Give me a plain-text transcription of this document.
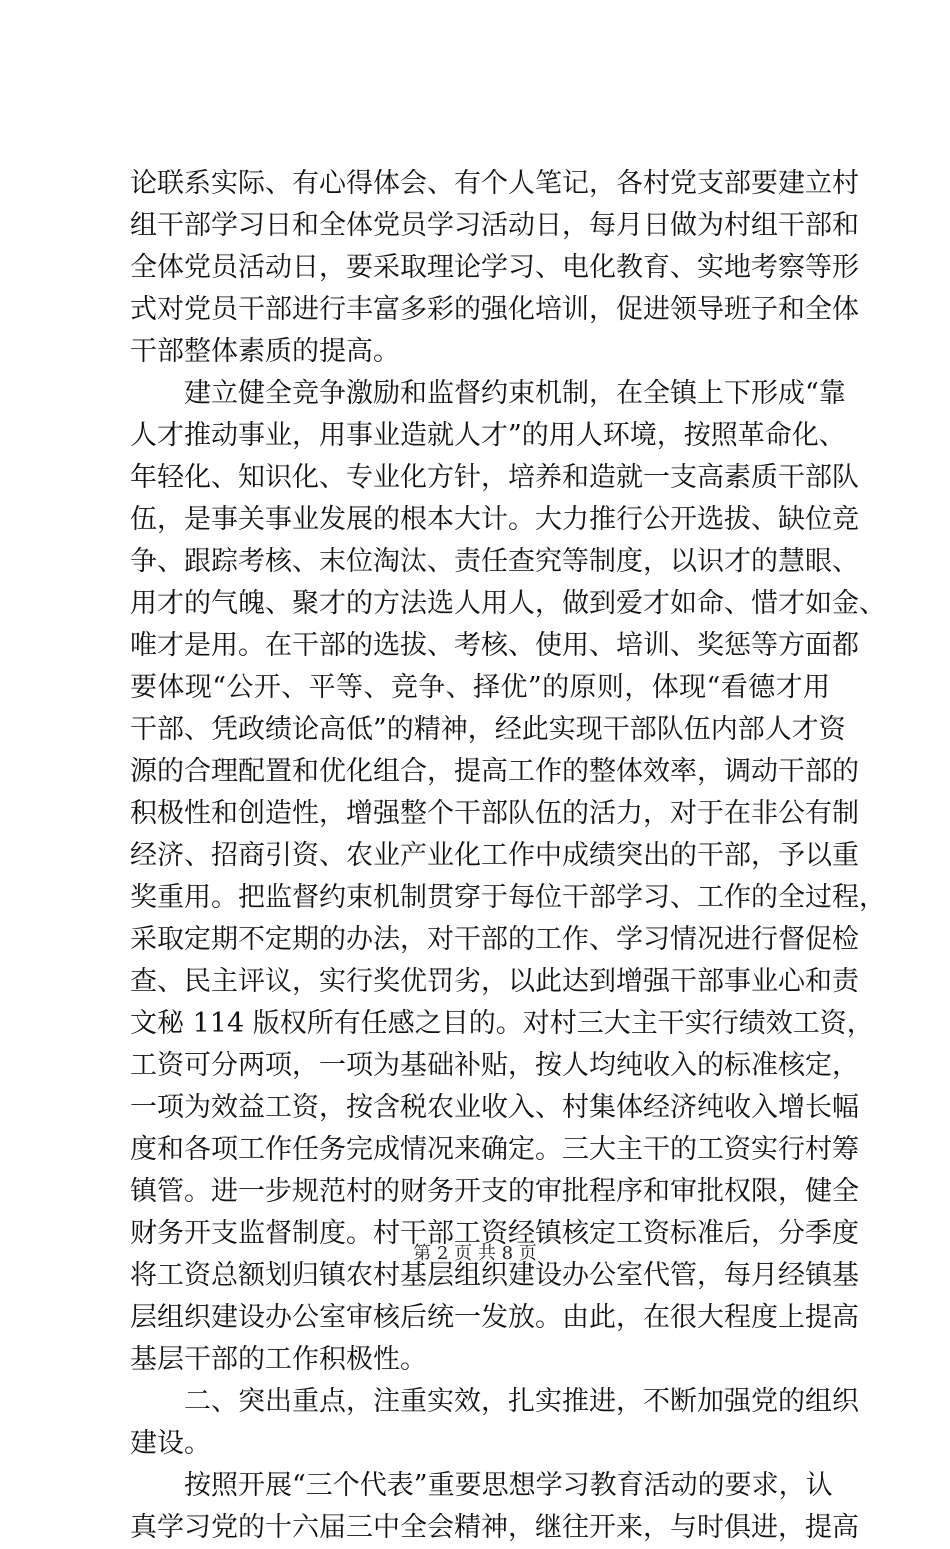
论联系实际、有心得体会、有个人笔记，各村党支部要建立村
组干部学习日和全体党员学习活动日，每月日做为村组干部和
全体党员活动日，要采取理论学习、电化教育、实地考察等形
式对党员干部进行丰富多彩的强化培训，促进领导班子和全体
干部整体素质的提高。
建立健全竞争激励和监督约束机制，在全镇上下形成“靠
人才推动事业，用事业造就人才”的用人环境，按照革命化、
年轻化、知识化、专业化方针，培养和造就一支高素质干部队
伍，是事关事业发展的根本大计。大力推行公开选拔、缺位竞
争、跟踪考核、末位淘汰、责任查究等制度，以识才的慧眼、
用才的气魄、聚才的方法选人用人，做到爱才如命、惜才如金、
唯才是用。在干部的选拔、考核、使用、培训、奖惩等方面都
要体现“公开、平等、竞争、择优”的原则，体现“看德才用
干部、凭政绩论高低”的精神，经此实现干部队伍内部人才资
源的合理配置和优化组合，提高工作的整体效率，调动干部的
积极性和创造性，增强整个干部队伍的活力，对于在非公有制
经济、招商引资、农业产业化工作中成绩突出的干部，予以重
奖重用。把监督约束机制贯穿于每位干部学习、工作的全过程，
采取定期不定期的办法，对干部的工作、学习情况进行督促检
查、民主评议，实行奖优罚劣，以此达到增强干部事业心和责
文秘 114 版权所有任感之目的。对村三大主干实行绩效工资，
工资可分两项，一项为基础补贴，按人均纯收入的标准核定，
一项为效益工资，按含税农业收入、村集体经济纯收入增长幅
度和各项工作任务完成情况来确定。三大主干的工资实行村筹
镇管。进一步规范村的财务开支的审批程序和审批权限，健全
财务开支监督制度。村干部工资经镇核定工资标准后，分季度
将工资总额划归镇农村基层组织建设办公室代管，每月经镇基
层组织建设办公室审核后统一发放。由此，在很大程度上提高
基层干部的工作积极性。
二、突出重点，注重实效，扎实推进，不断加强党的组织
建设。
按照开展“三个代表”重要思想学习教育活动的要求，认
真学习党的十六届三中全会精神，继往开来，与时俱进，提高
第 2 页 共 8 页
